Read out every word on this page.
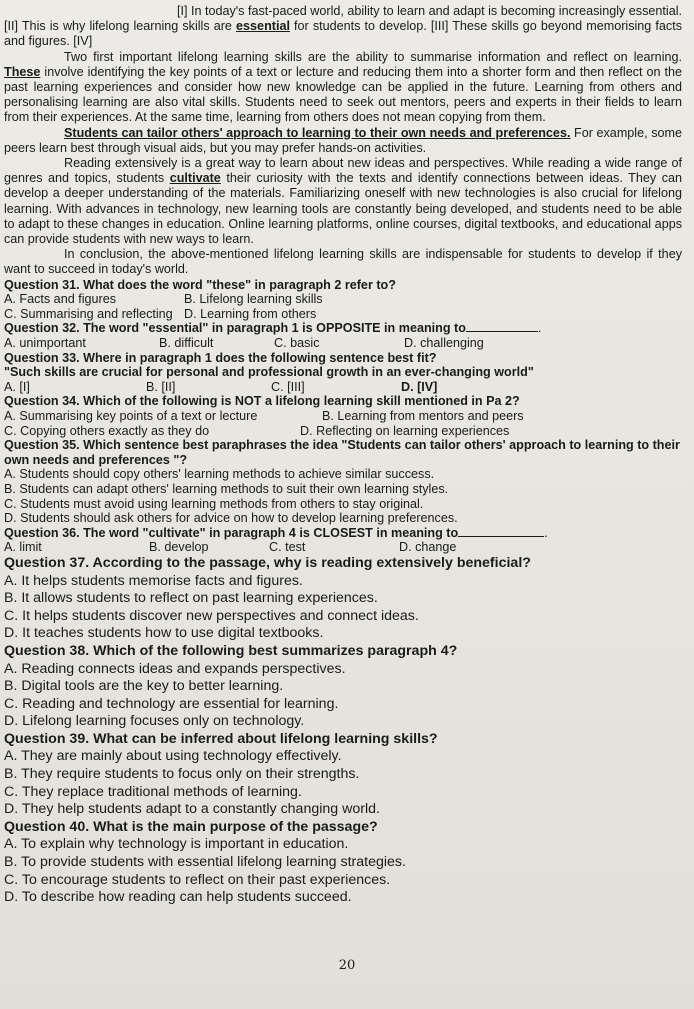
[I] In today's fast-paced world, ability to learn and adapt is becoming increasingly essential.

[II] This is why lifelong learning skills are essential for students to develop. [III] These skills go beyond memorising facts and figures. [IV]

Two first important lifelong learning skills are the ability to summarise information and reflect on learning. These involve identifying the key points of a text or lecture and reducing them into a shorter form and then reflect on the past learning experiences and consider how new knowledge can be applied in the future. Learning from others and personalising learning are also vital skills. Students need to seek out mentors, peers and experts in their fields to learn from their experiences. At the same time, learning from others does not mean copying from them.

Students can tailor others' approach to learning to their own needs and preferences. For example, some peers learn best through visual aids, but you may prefer hands-on activities.

Reading extensively is a great way to learn about new ideas and perspectives. While reading a wide range of genres and topics, students cultivate their curiosity with the texts and identify connections between ideas. They can develop a deeper understanding of the materials. Familiarizing oneself with new technologies is also crucial for lifelong learning. With advances in technology, new learning tools are constantly being developed, and students need to be able to adapt to these changes in education. Online learning platforms, online courses, digital textbooks, and educational apps can provide students with new ways to learn.

In conclusion, the above-mentioned lifelong learning skills are indispensable for students to develop if they want to succeed in today's world.

Question 31. What does the word "these" in paragraph 2 refer to?

A. Facts and figures	B. Lifelong learning skills
C. Summarising and reflecting D. Learning from others

Question 32. The word "essential" in paragraph 1 is OPPOSITE in meaning to	.

A. unimportant	B. difficult	C. basic	D. challenging

Question 33. Where in paragraph 1 does the following sentence best fit?

"Such skills are crucial for personal and professional growth in an ever-changing world"

A. [I]	B. [II]	C. [III]	D. [IV]

Question 34. Which of the following is NOT a lifelong learning skill mentioned in Pa 2?

A. Summarising key points of a text or lecture	B. Learning from mentors and peers
C. Copying others exactly as they do	D. Reflecting on learning experiences

Question 35. Which sentence best paraphrases the idea "Students can tailor others' approach to learning to their own needs and preferences "?

A. Students should copy others' learning methods to achieve similar success.

B. Students can adapt others' learning methods to suit their own learning styles.

C. Students must avoid using learning methods from others to stay original.

D. Students should ask others for advice on how to develop learning preferences.

Question 36. The word "cultivate" in paragraph 4 is CLOSEST in meaning to	.

A. limit	B. develop	C. test	D. change

Question 37. According to the passage, why is reading extensively beneficial?

A. It helps students memorise facts and figures.

B. It allows students to reflect on past learning experiences.

C. It helps students discover new perspectives and connect ideas.

D. It teaches students how to use digital textbooks.

Question 38. Which of the following best summarizes paragraph 4?

A. Reading connects ideas and expands perspectives.

B. Digital tools are the key to better learning.

C. Reading and technology are essential for learning.

D. Lifelong learning focuses only on technology.

Question 39. What can be inferred about lifelong learning skills?

A. They are mainly about using technology effectively.

B. They require students to focus only on their strengths.

C. They replace traditional methods of learning.

D. They help students adapt to a constantly changing world.

Question 40. What is the main purpose of the passage?

A. To explain why technology is important in education.

B. To provide students with essential lifelong learning strategies.

C. To encourage students to reflect on their past experiences.

D. To describe how reading can help students succeed.

20
